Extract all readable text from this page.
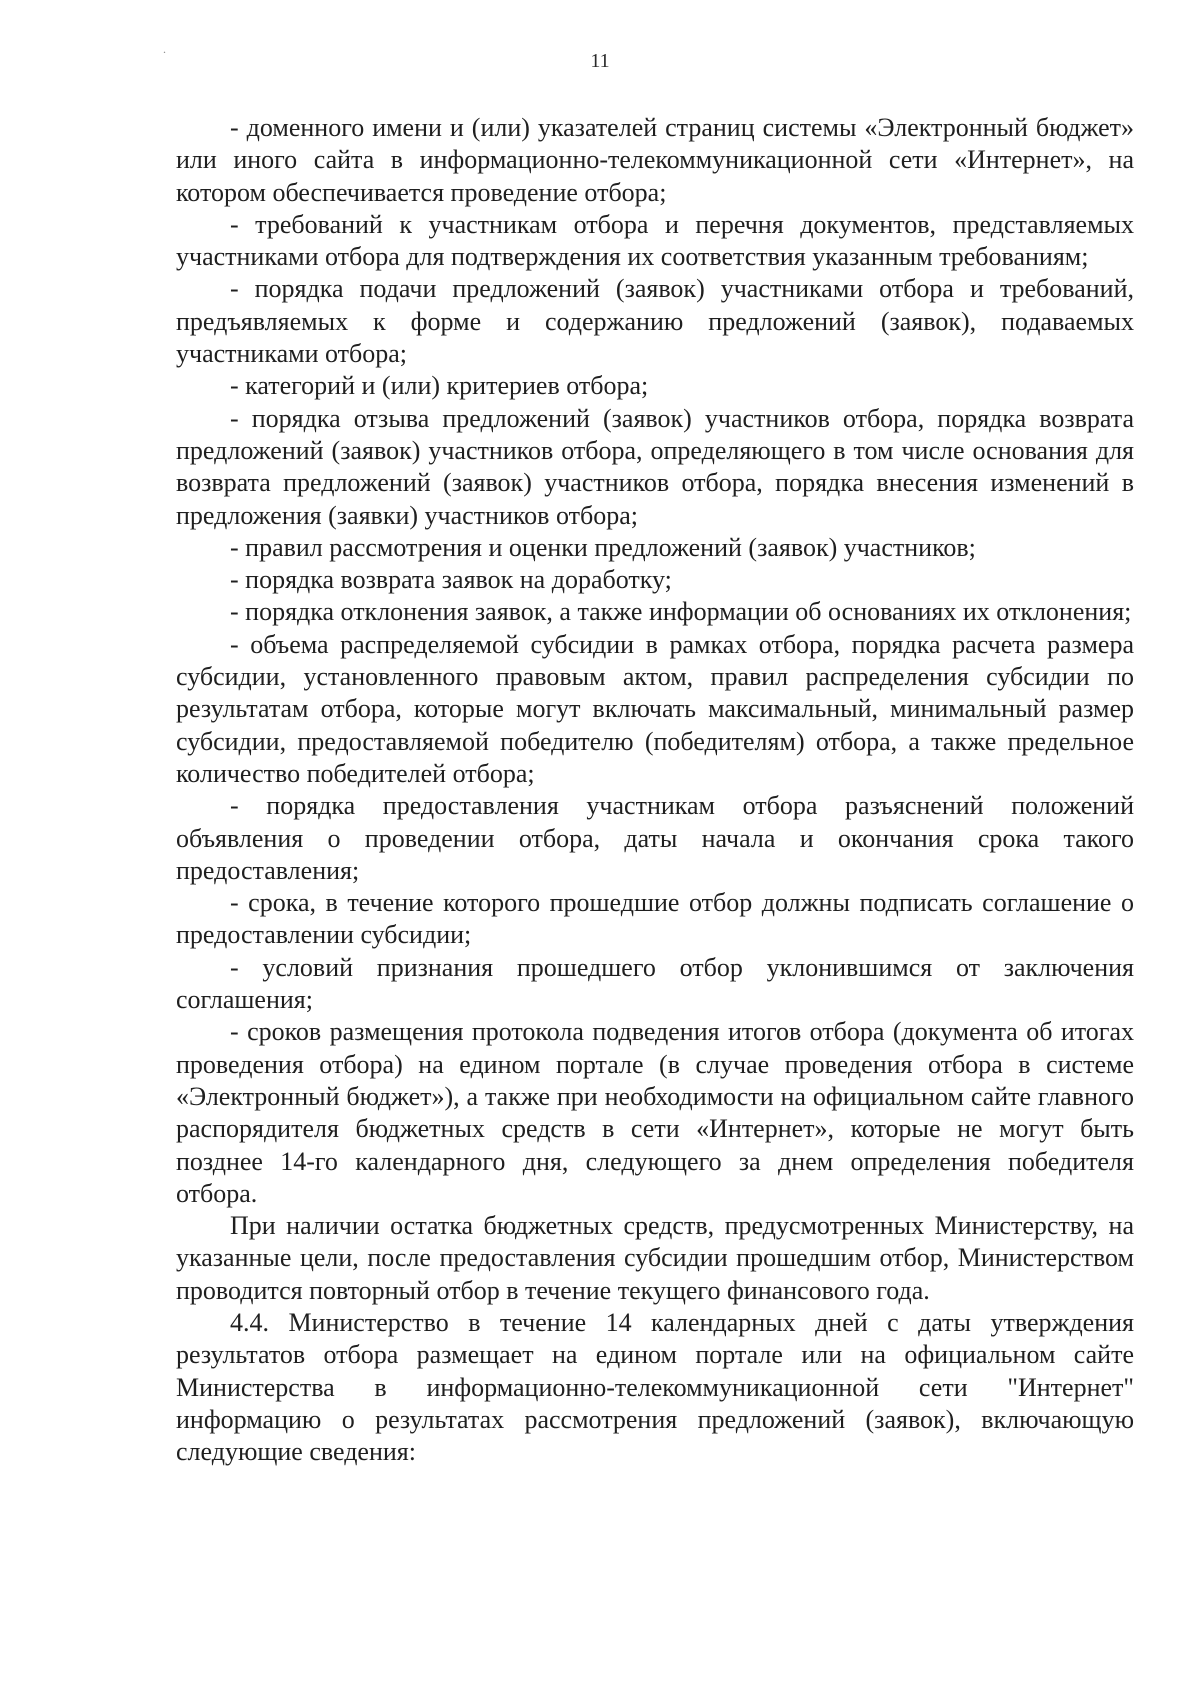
.
11

- доменного имени и (или) указателей страниц системы «Электронный бюджет» или иного сайта в информационно-телекоммуникационной сети «Интернет», на котором обеспечивается проведение отбора;

- требований к участникам отбора и перечня документов, представляемых участниками отбора для подтверждения их соответствия указанным требованиям;

- порядка подачи предложений (заявок) участниками отбора и требований, предъявляемых к форме и содержанию предложений (заявок), подаваемых участниками отбора;

- категорий и (или) критериев отбора;

- порядка отзыва предложений (заявок) участников отбора, порядка возврата предложений (заявок) участников отбора, определяющего в том числе основания для возврата предложений (заявок) участников отбора, порядка внесения изменений в предложения (заявки) участников отбора;

- правил рассмотрения и оценки предложений (заявок) участников;

- порядка возврата заявок на доработку;

- порядка отклонения заявок, а также информации об основаниях их отклонения;

- объема распределяемой субсидии в рамках отбора, порядка расчета размера субсидии, установленного правовым актом, правил распределения субсидии по результатам отбора, которые могут включать максимальный, минимальный размер субсидии, предоставляемой победителю (победителям) отбора, а также предельное количество победителей отбора;

- порядка предоставления участникам отбора разъяснений положений объявления о проведении отбора, даты начала и окончания срока такого предоставления;

- срока, в течение которого прошедшие отбор должны подписать соглашение о предоставлении субсидии;

- условий признания прошедшего отбор уклонившимся от заключения соглашения;

- сроков размещения протокола подведения итогов отбора (документа об итогах проведения отбора) на едином портале (в случае проведения отбора в системе «Электронный бюджет»), а также при необходимости на официальном сайте главного распорядителя бюджетных средств в сети «Интернет», которые не могут быть позднее 14-го календарного дня, следующего за днем определения победителя отбора.

При наличии остатка бюджетных средств, предусмотренных Министерству, на указанные цели, после предоставления субсидии прошедшим отбор, Министерством проводится повторный отбор в течение текущего финансового года.

4.4. Министерство в течение 14 календарных дней с даты утверждения результатов отбора размещает на едином портале или на официальном сайте Министерства в информационно-телекоммуникационной сети "Интернет" информацию о результатах рассмотрения предложений (заявок), включающую следующие сведения:
